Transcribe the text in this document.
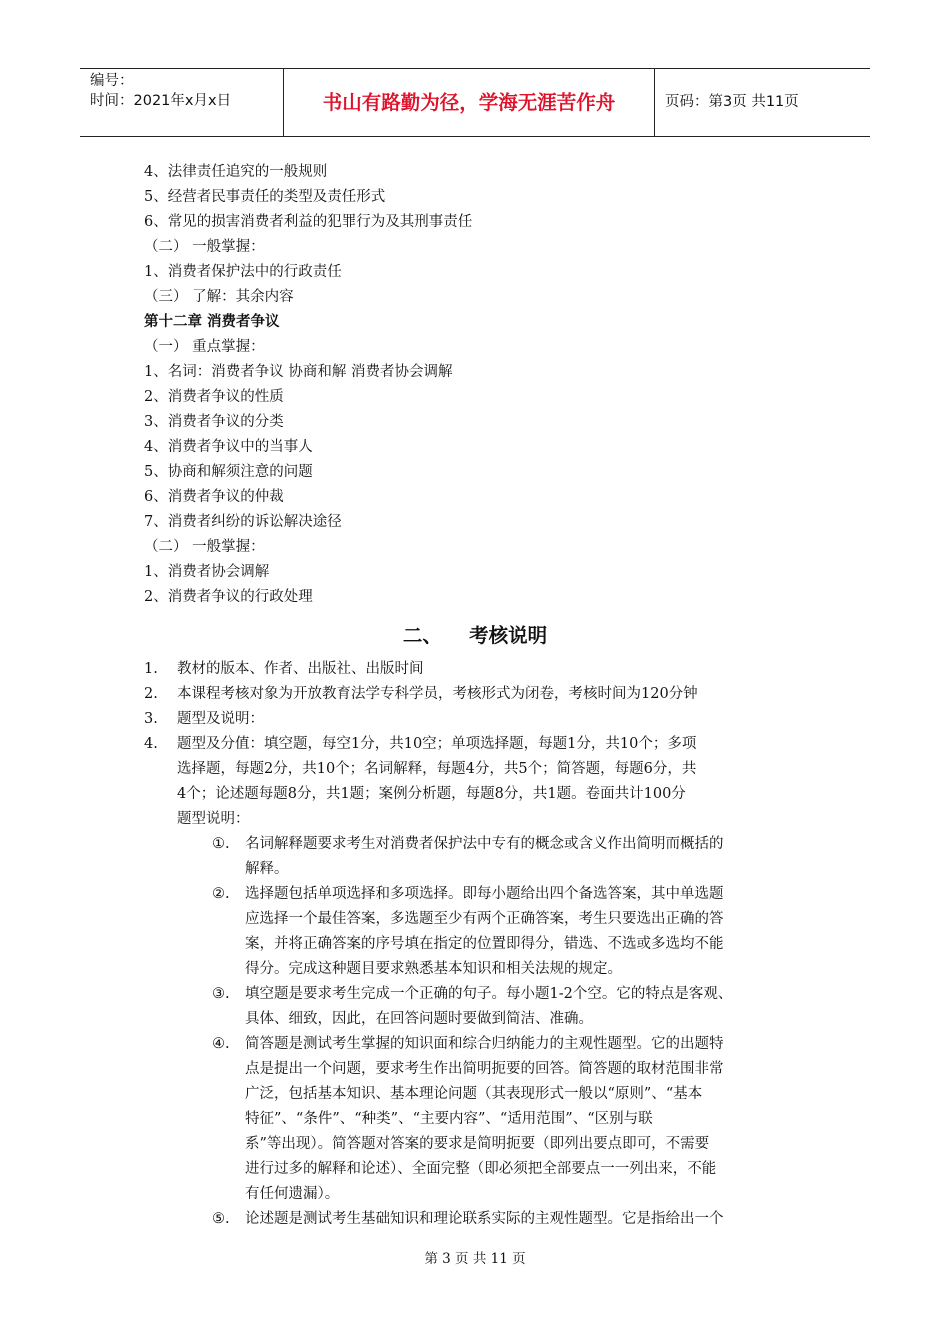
编号：
时间：2021年x月x日	书山有路勤为径，学海无涯苦作舟	页码：第3页 共11页
4、法律责任追究的一般规则
5、经营者民事责任的类型及责任形式
6、常见的损害消费者利益的犯罪行为及其刑事责任
（二） 一般掌握：
1、消费者保护法中的行政责任
（三） 了解：其余内容
第十二章 消费者争议
（一） 重点掌握：
1、名词：消费者争议 协商和解 消费者协会调解
2、消费者争议的性质
3、消费者争议的分类
4、消费者争议中的当事人
5、协商和解须注意的问题
6、消费者争议的仲裁
7、消费者纠纷的诉讼解决途径
（二） 一般掌握：
1、消费者协会调解
2、消费者争议的行政处理
二、    考核说明
1. 教材的版本、作者、出版社、出版时间
2. 本课程考核对象为开放教育法学专科学员，考核形式为闭卷，考核时间为120分钟
3. 题型及说明：
4. 题型及分值：填空题，每空1分，共10空；单项选择题，每题1分，共10个；多项
选择题，每题2分，共10个；名词解释，每题4分，共5个；简答题，每题6分，共
4个；论述题每题8分，共1题；案例分析题，每题8分，共1题。卷面共计100分
题型说明：
①. 名词解释题要求考生对消费者保护法中专有的概念或含义作出简明而概括的
解释。
②. 选择题包括单项选择和多项选择。即每小题给出四个备选答案，其中单选题
应选择一个最佳答案，多选题至少有两个正确答案，考生只要选出正确的答
案，并将正确答案的序号填在指定的位置即得分，错选、不选或多选均不能
得分。完成这种题目要求熟悉基本知识和相关法规的规定。
③. 填空题是要求考生完成一个正确的句子。每小题1-2个空。它的特点是客观、
具体、细致，因此，在回答问题时要做到简洁、准确。
④. 简答题是测试考生掌握的知识面和综合归纳能力的主观性题型。它的出题特
点是提出一个问题，要求考生作出简明扼要的回答。简答题的取材范围非常
广泛，包括基本知识、基本理论问题（其表现形式一般以“原则”、“基本
特征”、“条件”、“种类”、“主要内容”、“适用范围”、“区别与联
系”等出现）。简答题对答案的要求是简明扼要（即列出要点即可，不需要
进行过多的解释和论述）、全面完整（即必须把全部要点一一列出来，不能
有任何遗漏）。
⑤. 论述题是测试考生基础知识和理论联系实际的主观性题型。它是指给出一个
第 3 页 共 11 页
